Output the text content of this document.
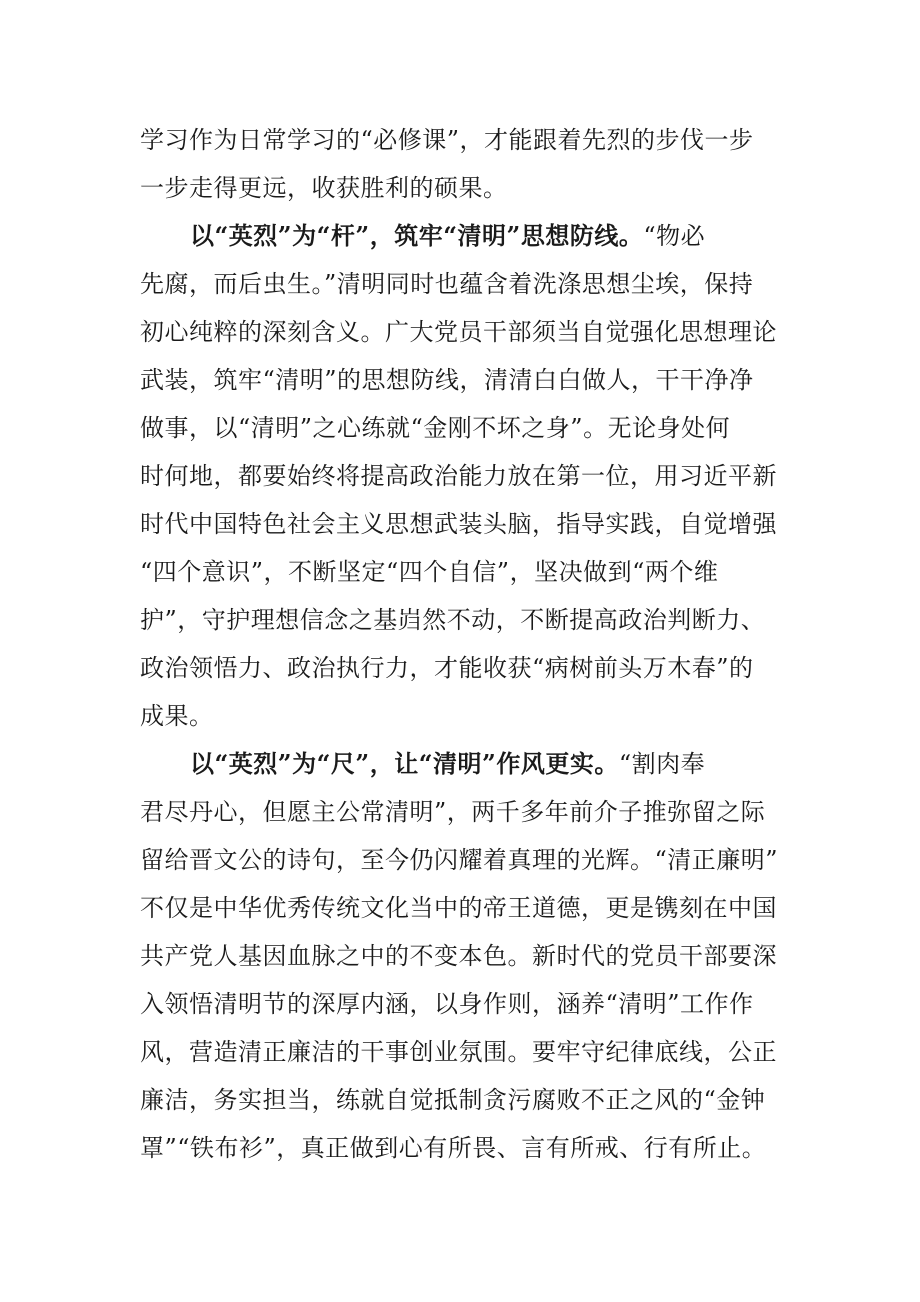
学习作为日常学习的“必修课”，才能跟着先烈的步伐一步
一步走得更远，收获胜利的硕果。
以“英烈”为“杆”，筑牢“清明”思想防线。“物必
先腐，而后虫生。”清明同时也蕴含着洗涤思想尘埃，保持
初心纯粹的深刻含义。广大党员干部须当自觉强化思想理论
武装，筑牢“清明”的思想防线，清清白白做人，干干净净
做事，以“清明”之心练就“金刚不坏之身”。无论身处何
时何地，都要始终将提高政治能力放在第一位，用习近平新
时代中国特色社会主义思想武装头脑，指导实践，自觉增强
“四个意识”，不断坚定“四个自信”，坚决做到“两个维
护”，守护理想信念之基岿然不动，不断提高政治判断力、
政治领悟力、政治执行力，才能收获“病树前头万木春”的
成果。
以“英烈”为“尺”，让“清明”作风更实。“割肉奉
君尽丹心，但愿主公常清明”，两千多年前介子推弥留之际
留给晋文公的诗句，至今仍闪耀着真理的光辉。“清正廉明”
不仅是中华优秀传统文化当中的帝王道德，更是镌刻在中国
共产党人基因血脉之中的不变本色。新时代的党员干部要深
入领悟清明节的深厚内涵，以身作则，涵养“清明”工作作
风，营造清正廉洁的干事创业氛围。要牢守纪律底线，公正
廉洁，务实担当，练就自觉抵制贪污腐败不正之风的“金钟
罩”“铁布衫”，真正做到心有所畏、言有所戒、行有所止。
